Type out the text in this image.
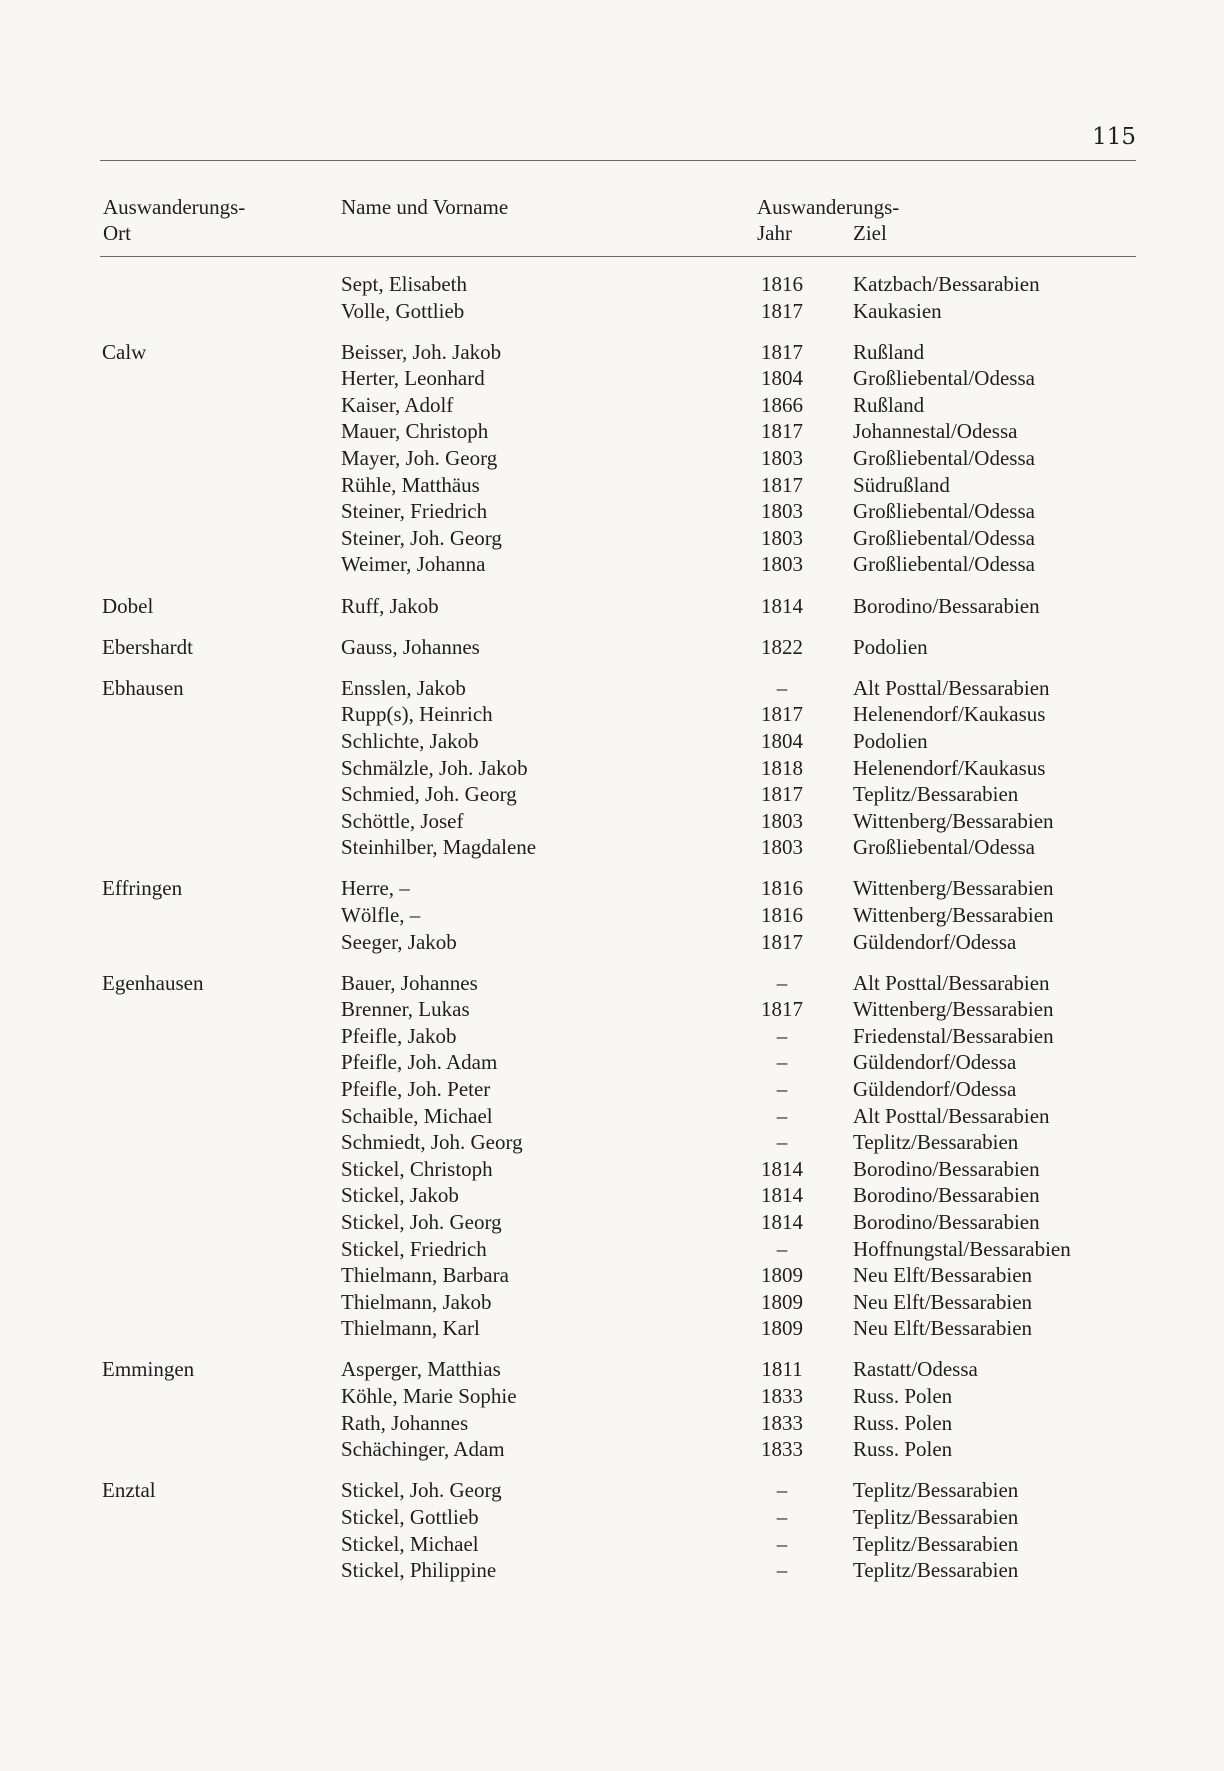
115
Auswanderungs-
Ort
Name und Vorname	Auswanderungs-
Jahr	Ziel
Sept, Elisabeth	1816 Katzbach/Bessarabien
Volle, Gottlieb	1817 Kaukasien
Calw	Beisser, Joh. Jakob	1817 Rußland
Herter, Leonhard	1804 Großliebental/Odessa
Kaiser, Adolf	1866 Rußland
Mauer, Christoph	1817 Johannestal/Odessa
Mayer, Joh. Georg	1803 Großliebental/Odessa
Rühle, Matthäus	1817 Südrußland
Steiner, Friedrich	1803 Großliebental/Odessa
Steiner, Joh. Georg	1803 Großliebental/Odessa
Weimer, Johanna	1803 Großliebental/Odessa
Dobel	Ruff, Jakob	1814 Borodino/Bessarabien
Ebershardt	Gauss, Johannes	1822 Podolien
Ebhausen	Ensslen, Jakob	–	Alt Posttal/Bessarabien
Rupp(s), Heinrich	1817 Helenendorf/Kaukasus
Schlichte, Jakob	1804 Podolien
Schmälzle, Joh. Jakob	1818 Helenendorf/Kaukasus
Schmied, Joh. Georg	1817 Teplitz/Bessarabien
Schöttle, Josef	1803 Wittenberg/Bessarabien
Steinhilber, Magdalene	1803 Großliebental/Odessa
Effringen	Herre, –	1816 Wittenberg/Bessarabien
Wölfle, –	1816 Wittenberg/Bessarabien
Seeger, Jakob	1817 Güldendorf/Odessa
Egenhausen	Bauer, Johannes	–	Alt Posttal/Bessarabien
Brenner, Lukas	1817 Wittenberg/Bessarabien
Pfeifle, Jakob	–	Friedenstal/Bessarabien
Pfeifle, Joh. Adam	–	Güldendorf/Odessa
Pfeifle, Joh. Peter	–	Güldendorf/Odessa
Schaible, Michael	–	Alt Posttal/Bessarabien
Schmiedt, Joh. Georg	–	Teplitz/Bessarabien
Stickel, Christoph	1814 Borodino/Bessarabien
Stickel, Jakob	1814 Borodino/Bessarabien
Stickel, Joh. Georg	1814 Borodino/Bessarabien
Stickel, Friedrich	–	Hoffnungstal/Bessarabien
Thielmann, Barbara	1809 Neu Elft/Bessarabien
Thielmann, Jakob	1809 Neu Elft/Bessarabien
Thielmann, Karl	1809 Neu Elft/Bessarabien
Emmingen	Asperger, Matthias	1811 Rastatt/Odessa
Köhle, Marie Sophie	1833 Russ. Polen
Rath, Johannes	1833 Russ. Polen
Schächinger, Adam	1833 Russ. Polen
Enztal	Stickel, Joh. Georg	–	Teplitz/Bessarabien
Stickel, Gottlieb	–	Teplitz/Bessarabien
Stickel, Michael	–	Teplitz/Bessarabien
Stickel, Philippine	–	Teplitz/Bessarabien
